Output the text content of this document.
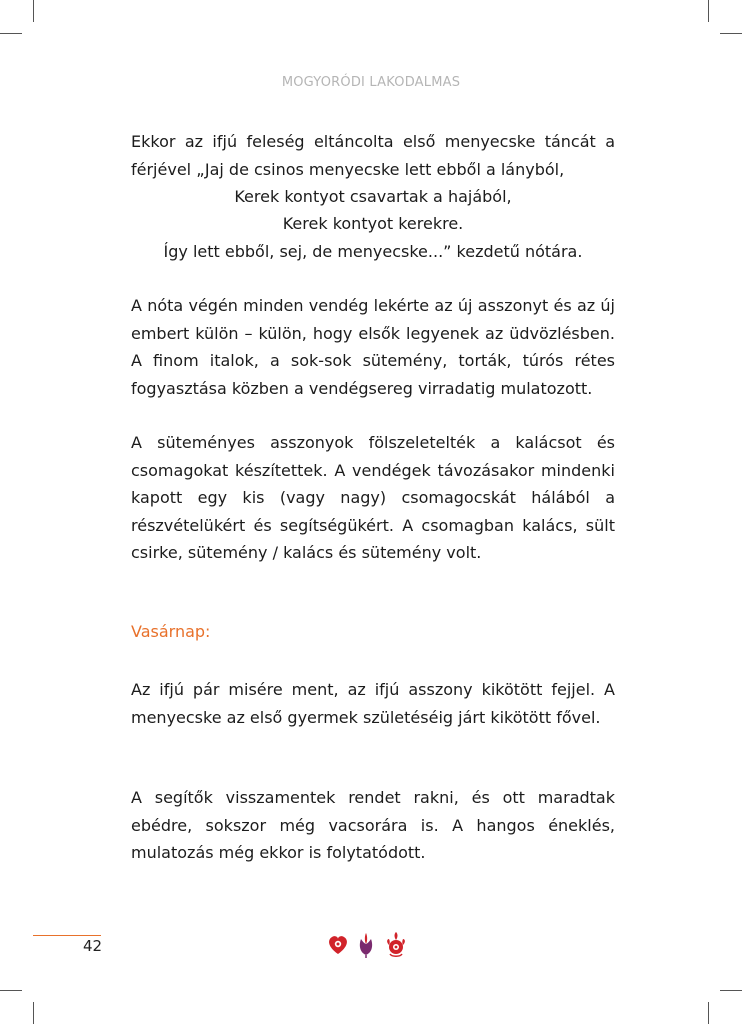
MOGYORÓDI LAKODALMAS

Ekkor az ifjú feleség eltáncolta első menyecske táncát a férjével „Jaj de csinos menyecske lett ebből a lányból,

Kerek kontyot csavartak a hajából,
Kerek kontyot kerekre.
Így lett ebből, sej, de menyecske...” kezdetű nótára.

A nóta végén minden vendég lekérte az új asszonyt és az új embert külön – külön, hogy elsők legyenek az üdvözlésben. A finom italok, a sok-sok sütemény, torták, túrós rétes fogyasztása közben a vendégsereg virradatig mulatozott.

A süteményes asszonyok fölszeletelték a kalácsot és csomagokat készítettek. A vendégek távozásakor mindenki kapott egy kis (vagy nagy) csomagocskát hálából a részvételükért és segítségükért. A csomagban kalács, sült csirke, sütemény / kalács és sütemény volt.

Vasárnap:

Az ifjú pár misére ment, az ifjú asszony kikötött fejjel. A menyecske az első gyermek születéséig járt kikötött fővel.

A segítők visszamentek rendet rakni, és ott maradtak ebédre, sokszor még vacsorára is. A hangos éneklés, mulatozás még ekkor is folytatódott.

42
